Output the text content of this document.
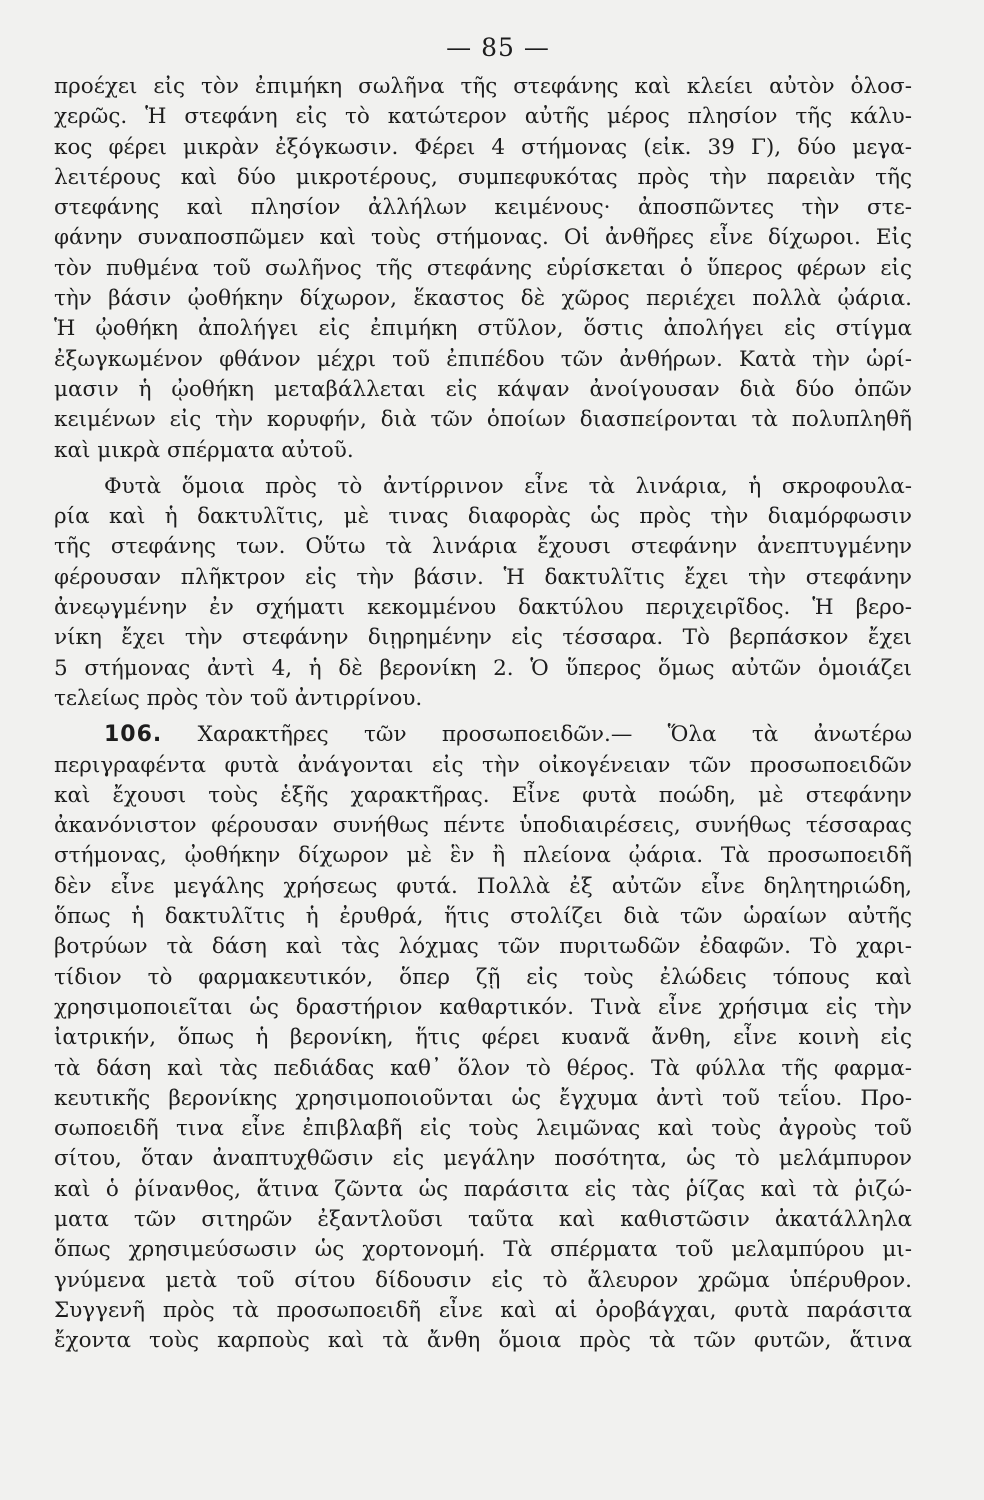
— 85 —
προέχει εἰς τὸν ἐπιμήκη σωλῆνα τῆς στεφάνης καὶ κλείει αὐτὸν ὁλοσ-
χερῶς. Ἡ στεφάνη εἰς τὸ κατώτερον αὐτῆς μέρος πλησίον τῆς κάλυ-
κος φέρει μικρὰν ἐξόγκωσιν. Φέρει 4 στήμονας (εἰκ. 39 Γ), δύο μεγα-
λειτέρους καὶ δύο μικροτέρους, συμπεφυκότας πρὸς τὴν παρειὰν τῆς
στεφάνης καὶ πλησίον ἀλλήλων κειμένους· ἀποσπῶντες τὴν στε-
φάνην συναποσπῶμεν καὶ τοὺς στήμονας. Οἱ ἀνθῆρες εἶνε δίχωροι. Εἰς
τὸν πυθμένα τοῦ σωλῆνος τῆς στεφάνης εὑρίσκεται ὁ ὕπερος φέρων εἰς
τὴν βάσιν ᾠοθήκην δίχωρον, ἕκαστος δὲ χῶρος περιέχει πολλὰ ᾠάρια.
Ἡ ᾠοθήκη ἀπολήγει εἰς ἐπιμήκη στῦλον, ὅστις ἀπολήγει εἰς στίγμα
ἐξωγκωμένον φθάνον μέχρι τοῦ ἐπιπέδου τῶν ἀνθήρων. Κατὰ τὴν ὡρί-
μασιν ἡ ᾠοθήκη μεταβάλλεται εἰς κάψαν ἀνοίγουσαν διὰ δύο ὀπῶν
κειμένων εἰς τὴν κορυφήν, διὰ τῶν ὁποίων διασπείρονται τὰ πολυπληθῆ
καὶ μικρὰ σπέρματα αὐτοῦ.
Φυτὰ ὅμοια πρὸς τὸ ἀντίρρινον εἶνε τὰ λινάρια, ἡ σκροφουλα-
ρία καὶ ἡ δακτυλῖτις, μὲ τινας διαφορὰς ὡς πρὸς τὴν διαμόρφωσιν
τῆς στεφάνης των. Οὕτω τὰ λινάρια ἔχουσι στεφάνην ἀνεπτυγμένην
φέρουσαν πλῆκτρον εἰς τὴν βάσιν. Ἡ δακτυλῖτις ἔχει τὴν στεφάνην
ἀνεῳγμένην ἐν σχήματι κεκομμένου δακτύλου περιχειρῖδος. Ἡ βερο-
νίκη ἔχει τὴν στεφάνην διῃρημένην εἰς τέσσαρα. Τὸ βερπάσκον ἔχει
5 στήμονας ἀντὶ 4, ἡ δὲ βερονίκη 2. Ὁ ὕπερος ὅμως αὐτῶν ὁμοιάζει
τελείως πρὸς τὸν τοῦ ἀντιρρίνου.
106. Χαρακτῆρες τῶν προσωποειδῶν.— Ὅλα τὰ ἀνωτέρω
περιγραφέντα φυτὰ ἀνάγονται εἰς τὴν οἰκογένειαν τῶν προσωποειδῶν
καὶ ἔχουσι τοὺς ἑξῆς χαρακτῆρας. Εἶνε φυτὰ ποώδη, μὲ στεφάνην
ἀκανόνιστον φέρουσαν συνήθως πέντε ὑποδιαιρέσεις, συνήθως τέσσαρας
στήμονας, ᾠοθήκην δίχωρον μὲ ἓν ἢ πλείονα ᾠάρια. Τὰ προσωποειδῆ
δὲν εἶνε μεγάλης χρήσεως φυτά. Πολλὰ ἐξ αὐτῶν εἶνε δηλητηριώδη,
ὅπως ἡ δακτυλῖτις ἡ ἐρυθρά, ἥτις στολίζει διὰ τῶν ὡραίων αὐτῆς
βοτρύων τὰ δάση καὶ τὰς λόχμας τῶν πυριτωδῶν ἐδαφῶν. Τὸ χαρι-
τίδιον τὸ φαρμακευτικόν, ὅπερ ζῇ εἰς τοὺς ἐλώδεις τόπους καὶ
χρησιμοποιεῖται ὡς δραστήριον καθαρτικόν. Τινὰ εἶνε χρήσιμα εἰς τὴν
ἰατρικήν, ὅπως ἡ βερονίκη, ἥτις φέρει κυανᾶ ἄνθη, εἶνε κοινὴ εἰς
τὰ δάση καὶ τὰς πεδιάδας καθ᾽ ὅλον τὸ θέρος. Τὰ φύλλα τῆς φαρμα-
κευτικῆς βερονίκης χρησιμοποιοῦνται ὡς ἔγχυμα ἀντὶ τοῦ τεΐου. Προ-
σωποειδῆ τινα εἶνε ἐπιβλαβῆ εἰς τοὺς λειμῶνας καὶ τοὺς ἀγροὺς τοῦ
σίτου, ὅταν ἀναπτυχθῶσιν εἰς μεγάλην ποσότητα, ὡς τὸ μελάμπυρον
καὶ ὁ ῥίνανθος, ἅτινα ζῶντα ὡς παράσιτα εἰς τὰς ῥίζας καὶ τὰ ῥιζώ-
ματα τῶν σιτηρῶν ἐξαντλοῦσι ταῦτα καὶ καθιστῶσιν ἀκατάλληλα
ὅπως χρησιμεύσωσιν ὡς χορτονομή. Τὰ σπέρματα τοῦ μελαμπύρου μι-
γνύμενα μετὰ τοῦ σίτου δίδουσιν εἰς τὸ ἄλευρον χρῶμα ὑπέρυθρον.
Συγγενῆ πρὸς τὰ προσωποειδῆ εἶνε καὶ αἱ ὀροβάγχαι, φυτὰ παράσιτα
ἔχοντα τοὺς καρποὺς καὶ τὰ ἄνθη ὅμοια πρὸς τὰ τῶν φυτῶν, ἅτινα
